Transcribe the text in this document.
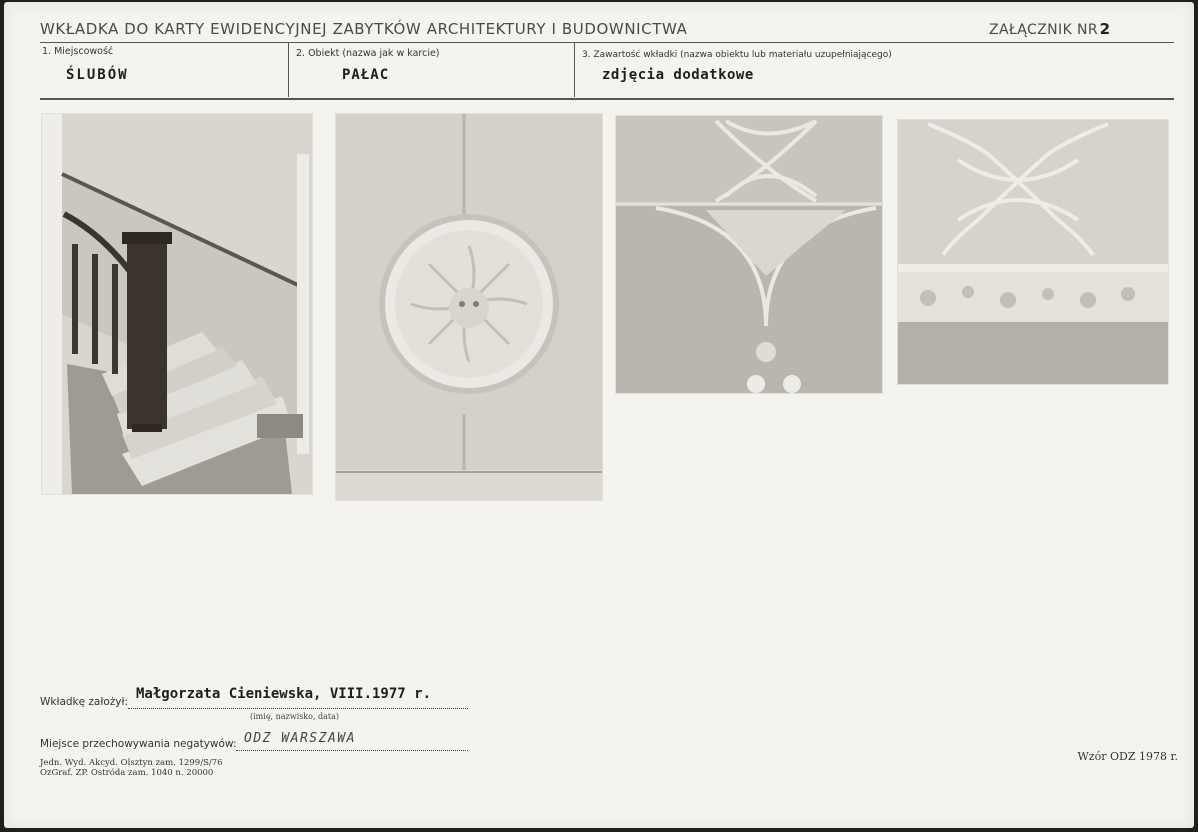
WKŁADKA DO KARTY EWIDENCYJNEJ ZABYTKÓW ARCHITEKTURY I BUDOWNICTWA	ZAŁĄCZNIK NR 2
1. Miejscowość
ŚLUBÓW
2. Obiekt (nazwa jak w karcie)
PAŁAC
3. Zawartość wkładki (nazwa obiektu lub materiału uzupełniającego)
zdjęcia dodatkowe
Wkładkę założył: Małgorzata Cieniewska, VIII.1977 r.
(imię, nazwisko, data)
Miejsce przechowywania negatywów: ODZ WARSZAWA
Jedn. Wyd. Akcyd. Olsztyn zam. 1299/S/76
OzGraf. ZP. Ostróda zam. 1040 n. 20000
Wzór ODZ 1978 r.
